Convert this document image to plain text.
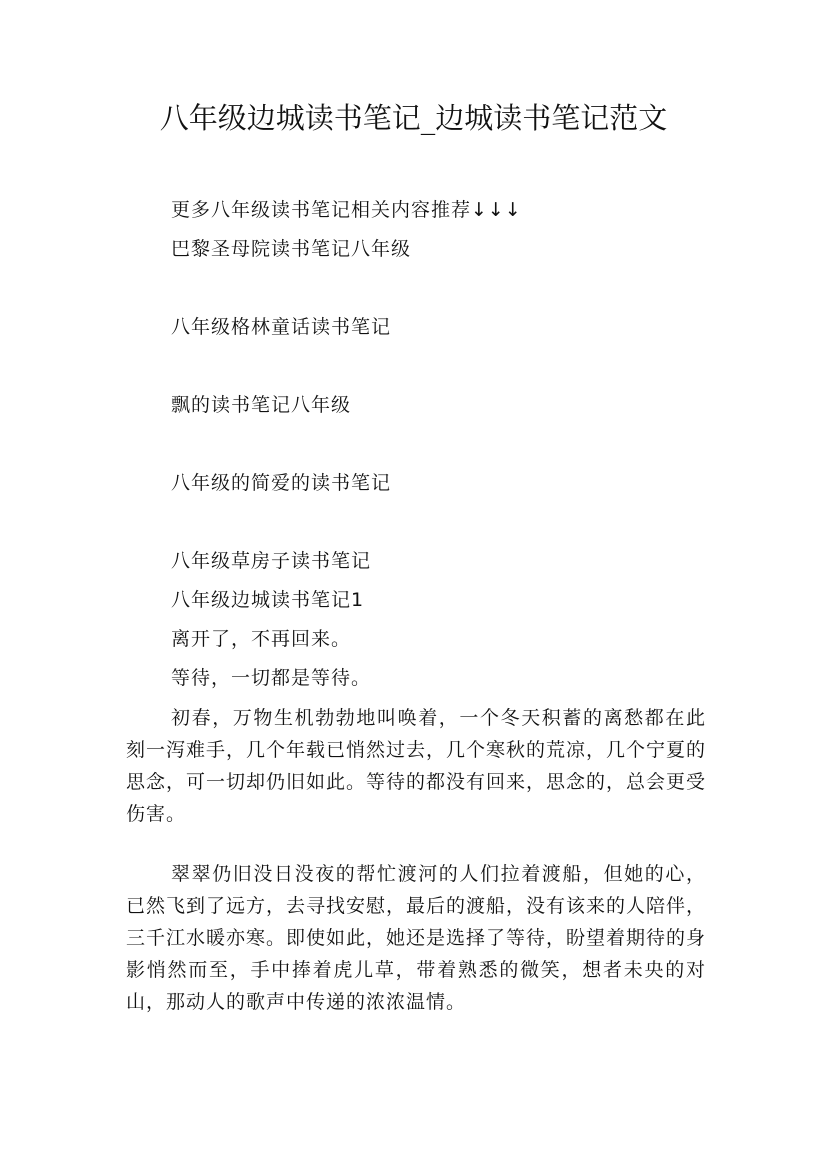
八年级边城读书笔记_边城读书笔记范文

更多八年级读书笔记相关内容推荐↓↓↓

巴黎圣母院读书笔记八年级

八年级格林童话读书笔记

飘的读书笔记八年级

八年级的简爱的读书笔记

八年级草房子读书笔记

八年级边城读书笔记1

离开了，不再回来。

等待，一切都是等待。

初春，万物生机勃勃地叫唤着，一个冬天积蓄的离愁都在此刻一泻难手，几个年载已悄然过去，几个寒秋的荒凉，几个宁夏的思念，可一切却仍旧如此。等待的都没有回来，思念的，总会更受伤害。

翠翠仍旧没日没夜的帮忙渡河的人们拉着渡船，但她的心，已然飞到了远方，去寻找安慰，最后的渡船，没有该来的人陪伴，三千江水暖亦寒。即使如此，她还是选择了等待，盼望着期待的身影悄然而至，手中捧着虎儿草，带着熟悉的微笑，想者未央的对山，那动人的歌声中传递的浓浓温情。
